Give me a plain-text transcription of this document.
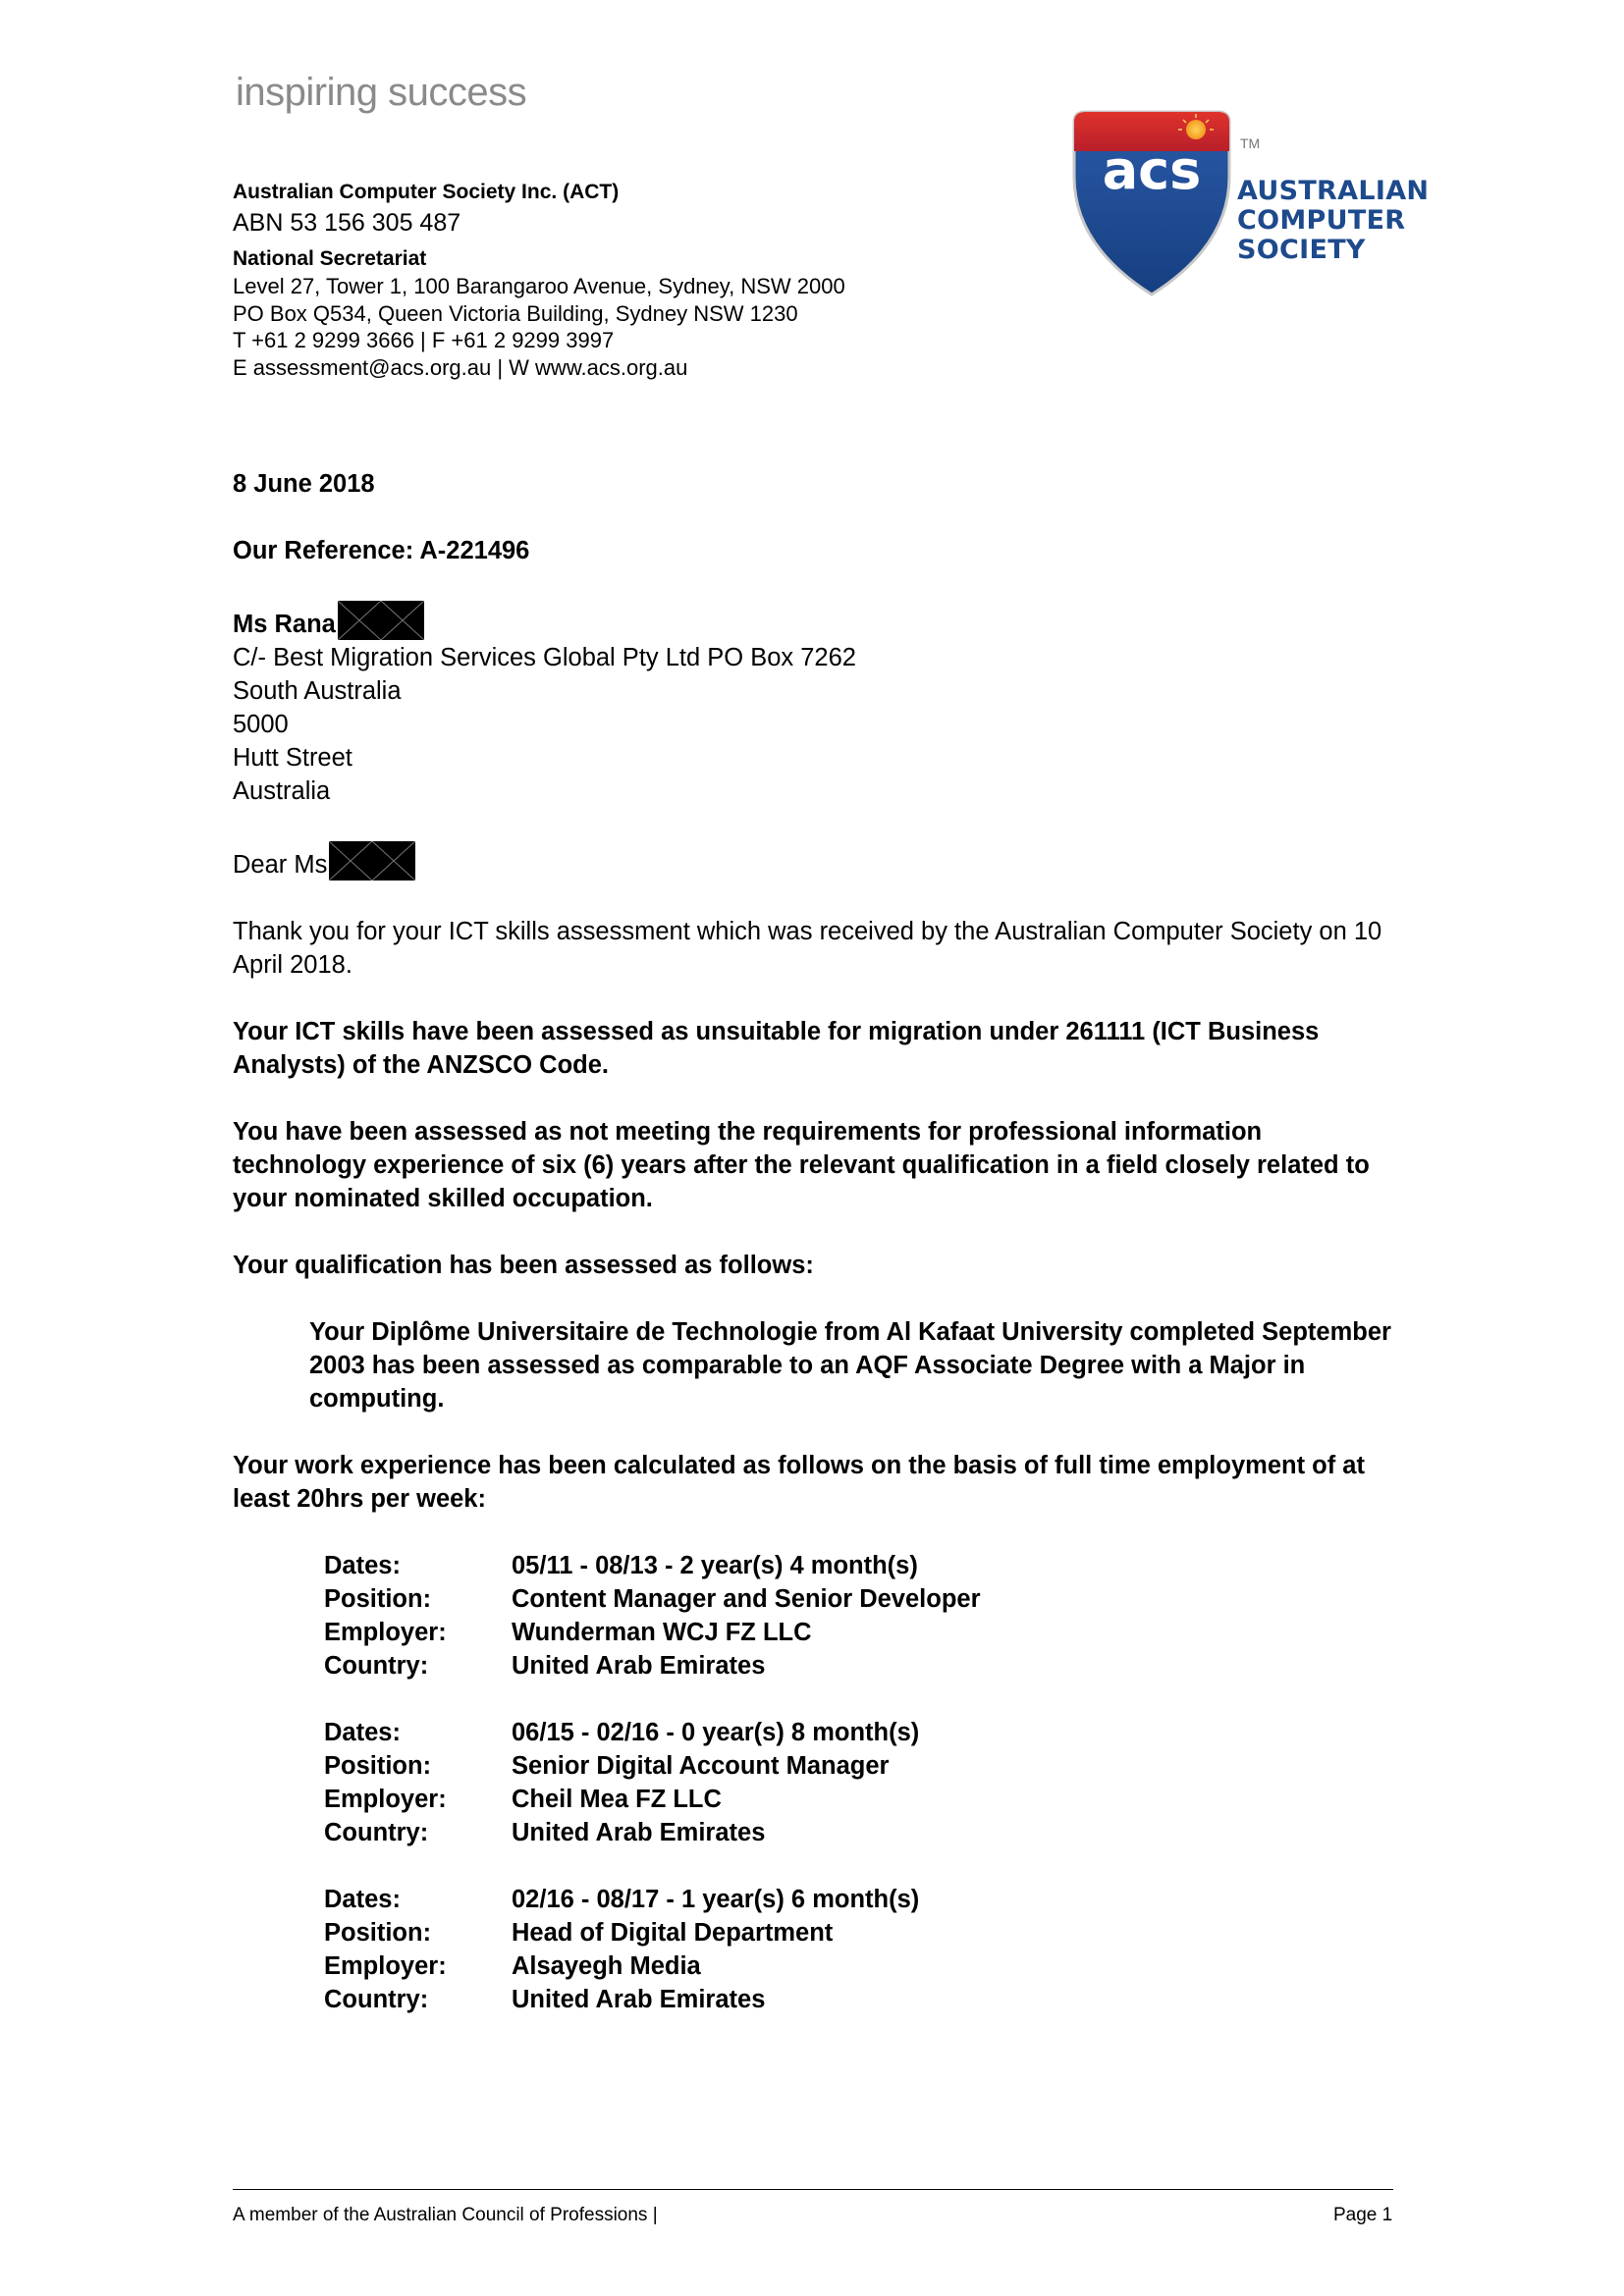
inspiring success
Australian Computer Society Inc. (ACT)
ABN 53 156 305 487
National Secretariat
Level 27, Tower 1, 100 Barangaroo Avenue, Sydney, NSW 2000
PO Box Q534, Queen Victoria Building, Sydney NSW 1230
T +61 2 9299 3666 | F +61 2 9299 3997
E assessment@acs.org.au | W www.acs.org.au
acs	TM
AUSTRALIAN
COMPUTER
SOCIETY
8 June 2018
Our Reference: A-221496
Ms Rana
C/- Best Migration Services Global Pty Ltd PO Box 7262
South Australia
5000
Hutt Street
Australia
Dear Ms
Thank you for your ICT skills assessment which was received by the Australian Computer Society on 10 April 2018.
Your ICT skills have been assessed as unsuitable for migration under 261111 (ICT Business Analysts) of the ANZSCO Code.
You have been assessed as not meeting the requirements for professional information technology experience of six (6) years after the relevant qualification in a field closely related to your nominated skilled occupation.
Your qualification has been assessed as follows:
Your Diplôme Universitaire de Technologie from Al Kafaat University completed September 2003 has been assessed as comparable to an AQF Associate Degree with a Major in computing.
Your work experience has been calculated as follows on the basis of full time employment of at least 20hrs per week:
Dates:	05/11 - 08/13 - 2 year(s) 4 month(s)
Position:	Content Manager and Senior Developer
Employer:	Wunderman WCJ FZ LLC
Country:	United Arab Emirates

Dates:	06/15 - 02/16 - 0 year(s) 8 month(s)
Position:	Senior Digital Account Manager
Employer:	Cheil Mea FZ LLC
Country:	United Arab Emirates

Dates:	02/16 - 08/17 - 1 year(s) 6 month(s)
Position:	Head of Digital Department
Employer:	Alsayegh Media
Country:	United Arab Emirates
A member of the Australian Council of Professions |	Page 1
